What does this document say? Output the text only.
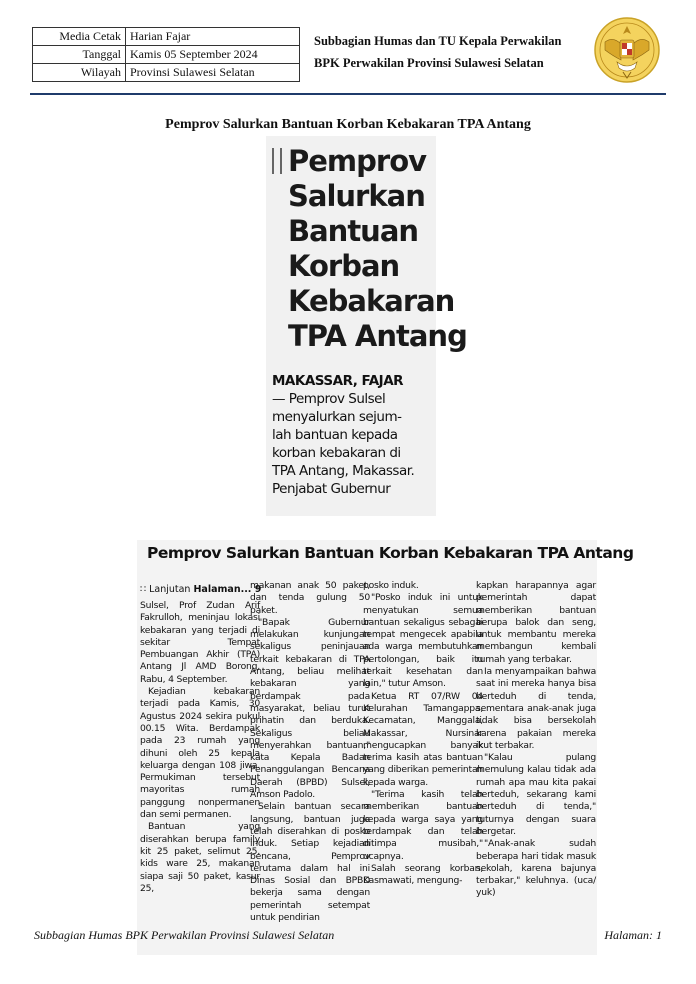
Media Cetak	Harian Fajar
Tanggal	Kamis 05 September 2024
Wilayah	Provinsi Sulawesi Selatan
Subbagian Humas dan TU Kepala Perwakilan
BPK Perwakilan Provinsi Sulawesi Selatan
Pemprov Salurkan Bantuan Korban Kebakaran TPA Antang
Pemprov
Salurkan
Bantuan
Korban
Kebakaran
TPA Antang
MAKASSAR, FAJAR
— Pemprov Sulsel
menyalurkan sejum-
lah bantuan kepada
korban kebakaran di
TPA Antang, Makassar.
Penjabat Gubernur
Pemprov Salurkan Bantuan Korban Kebakaran TPA Antang
∷ Lanjutan Halaman... 9

Sulsel, Prof Zudan Arif Fakrulloh, meninjau lokasi kebakaran yang terjadi di sekitar Tempat Pembuangan Akhir (TPA) Antang Jl AMD Borong, Rabu, 4 September.

Kejadian kebakaran terjadi pada Kamis, 30 Agustus 2024 sekira pukul 00.15 Wita. Berdampak pada 23 rumah yang dihuni oleh 25 kepala keluarga dengan 108 jiwa. Permukiman tersebut mayoritas rumah panggung nonpermanen dan semi permanen.

Bantuan yang diserahkan berupa family kit 25 paket, selimut 25, kids ware 25, makanan siapa saji 50 paket, kasur 25,

makanan anak 50 paket, dan tenda gulung 50 paket.

"Bapak Gubernur melakukan kunjungan sekaligus peninjauan terkait kebakaran di TPA Antang, beliau melihat kebakaran yang berdampak pada masyarakat, beliau turut prihatin dan berduka. Sekaligus beliau menyerahkan bantuan," kata Kepala Badan Penanggulangan Bencana Daerah (BPBD) Sulsel, Amson Padolo.

Selain bantuan secara langsung, bantuan juga telah diserahkan di posko induk. Setiap kejadian bencana, Pemprov terutama dalam hal ini Dinas Sosial dan BPBD bekerja sama dengan pemerintah setempat untuk pendirian

posko induk.

"Posko induk ini untuk menyatukan semua bantuan sekaligus sebagai tempat mengecek apabila ada warga membutuhkan pertolongan, baik itu terkait kesehatan dan lain," tutur Amson.

Ketua RT 07/RW 04 Kelurahan Tamangappa, Kecamatan, Manggala, Makassar, Nursinar mengucapkan banyak terima kasih atas bantuan yang diberikan pemerintah kepada warga.

"Terima kasih telah memberikan bantuan kepada warga saya yang terdampak dan telah ditimpa musibah," ucapnya.

Salah seorang korban, Kasmawati, mengung-

kapkan harapannya agar pemerintah dapat memberikan bantuan berupa balok dan seng, untuk membantu mereka membangun kembali rumah yang terbakar.

Ia menyampaikan bahwa saat ini mereka hanya bisa berteduh di tenda, sementara anak-anak juga tidak bisa bersekolah karena pakaian mereka ikut terbakar.

"Kalau pulang memulung kalau tidak ada rumah apa mau kita pakai berteduh, sekarang kami berteduh di tenda," tuturnya dengan suara bergetar.

"Anak-anak sudah beberapa hari tidak masuk sekolah, karena bajunya terbakar," keluhnya. (uca/ yuk)

Subbagian Humas BPK Perwakilan Provinsi Sulawesi Selatan	Halaman: 1
